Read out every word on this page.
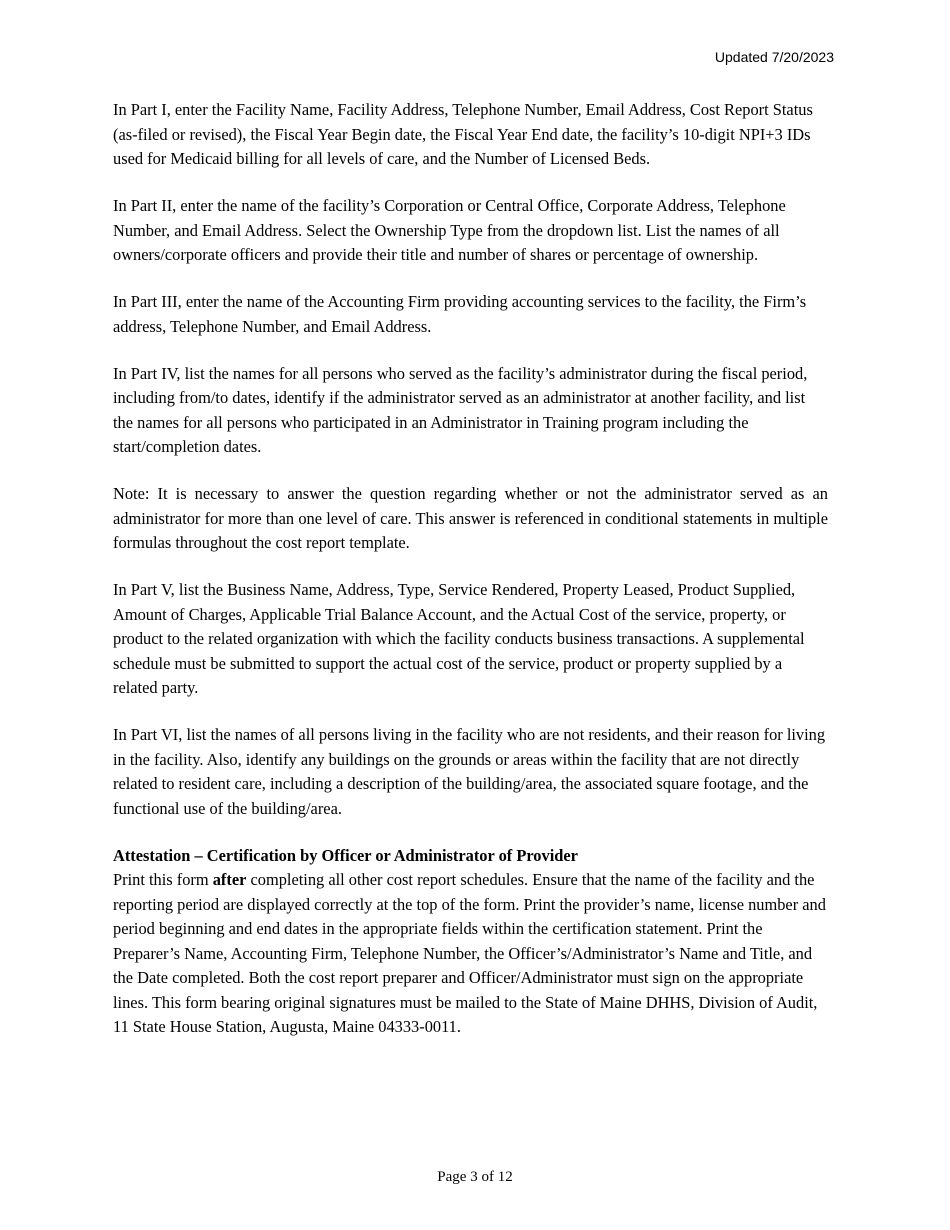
Updated 7/20/2023

In Part I, enter the Facility Name, Facility Address, Telephone Number, Email Address, Cost Report Status (as-filed or revised), the Fiscal Year Begin date, the Fiscal Year End date, the facility’s 10-digit NPI+3 IDs used for Medicaid billing for all levels of care, and the Number of Licensed Beds.

In Part II, enter the name of the facility’s Corporation or Central Office, Corporate Address, Telephone Number, and Email Address. Select the Ownership Type from the dropdown list. List the names of all owners/corporate officers and provide their title and number of shares or percentage of ownership.

In Part III, enter the name of the Accounting Firm providing accounting services to the facility, the Firm’s address, Telephone Number, and Email Address.

In Part IV, list the names for all persons who served as the facility’s administrator during the fiscal period, including from/to dates, identify if the administrator served as an administrator at another facility, and list the names for all persons who participated in an Administrator in Training program including the start/completion dates.

Note: It is necessary to answer the question regarding whether or not the administrator served as an administrator for more than one level of care. This answer is referenced in conditional statements in multiple formulas throughout the cost report template.

In Part V, list the Business Name, Address, Type, Service Rendered, Property Leased, Product Supplied, Amount of Charges, Applicable Trial Balance Account, and the Actual Cost of the service, property, or product to the related organization with which the facility conducts business transactions. A supplemental schedule must be submitted to support the actual cost of the service, product or property supplied by a related party.

In Part VI, list the names of all persons living in the facility who are not residents, and their reason for living in the facility. Also, identify any buildings on the grounds or areas within the facility that are not directly related to resident care, including a description of the building/area, the associated square footage, and the functional use of the building/area.

Attestation – Certification by Officer or Administrator of Provider

Print this form after completing all other cost report schedules. Ensure that the name of the facility and the reporting period are displayed correctly at the top of the form. Print the provider’s name, license number and period beginning and end dates in the appropriate fields within the certification statement. Print the Preparer’s Name, Accounting Firm, Telephone Number, the Officer’s/Administrator’s Name and Title, and the Date completed. Both the cost report preparer and Officer/Administrator must sign on the appropriate lines. This form bearing original signatures must be mailed to the State of Maine DHHS, Division of Audit, 11 State House Station, Augusta, Maine 04333-0011.

Page 3 of 12
